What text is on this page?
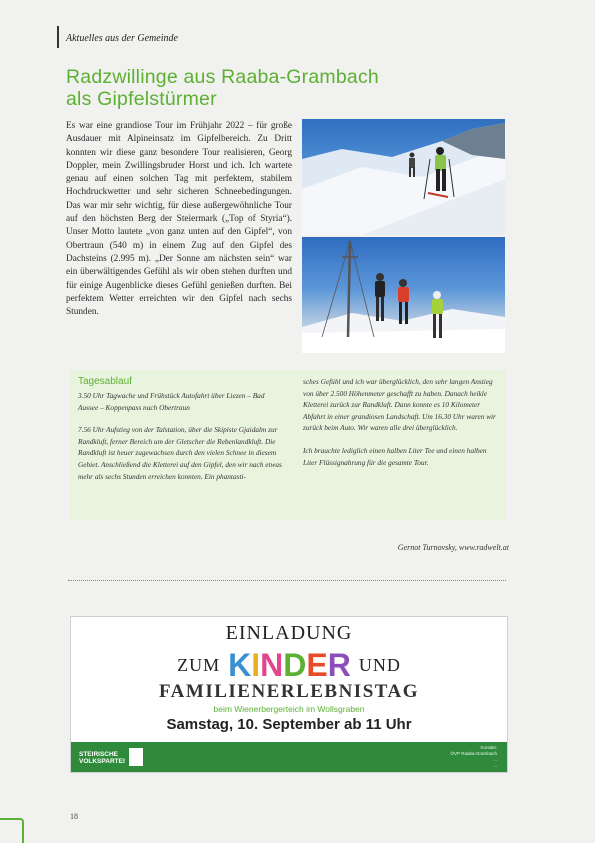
Aktuelles aus der Gemeinde
Radzwillinge aus Raaba-Grambach
als Gipfelstürmer
Es war eine grandiose Tour im Frühjahr 2022 – für große Ausdauer mit Alpineinsatz im Gipfelbereich. Zu Dritt konnten wir diese ganz besondere Tour realisieren, Georg Doppler, mein Zwillingsbruder Horst und ich. Ich wartete genau auf einen solchen Tag mit perfektem, stabilem Hochdruckwetter und sehr sicheren Schneebedingungen. Das war mir sehr wichtig, für diese außergewöhnliche Tour auf den höchsten Berg der Steiermark („Top of Styria“). Unser Motto lautete „von ganz unten auf den Gipfel“, von Obertraun (540 m) in einem Zug auf den Gipfel des Dachsteins (2.995 m). „Der Sonne am nächsten sein“ war ein überwältigendes Gefühl als wir oben stehen durften und für einige Augenblicke dieses Gefühl genießen durften. Bei perfektem Wetter erreichten wir den Gipfel nach sechs Stunden.
Tagesablauf

3.50 Uhr Tagwache und Frühstück Autofahrt über Liezen – Bad Aussee – Koppenpass nach Obertraun

7.56 Uhr Aufstieg von der Talstation, über die Skipiste Gjaidalm zur Randkluft, ferner Bereich um der Gletscher die Rebenlandkluft. Die Randkluft ist heuer zugewachsen durch den vielen Schnee in diesem Gebiet. Anschließend die Kletterei auf den Gipfel, den wir nach etwas mehr als sechs Stunden erreichen konnten. Ein phantasti-

sches Gefühl und ich war überglücklich, den sehr langen Anstieg von über 2.500 Höhenmeter geschafft zu haben. Danach heikle Kletterei zurück zur Randkluft. Dann konnte es 10 Kilometer Abfahrt in einer grandiosen Landschaft. Um 16.30 Uhr waren wir zurück beim Auto. Wir waren alle drei überglücklich.

Ich brauchte lediglich einen halben Liter Tee und einen halben Liter Flüssignahrung für die gesamte Tour.

Gernot Turnovsky, www.radwelt.at
EINLADUNG
ZUM KINDER UND
FAMILIENERLEBNISTAG
beim Wienerbergerteich im Wollsgraben
Samstag, 10. September ab 11 Uhr
STEIRISCHE
VOLKSPARTEI
Kontakt:
ÖVP Raaba-Grambach
...
...
18
